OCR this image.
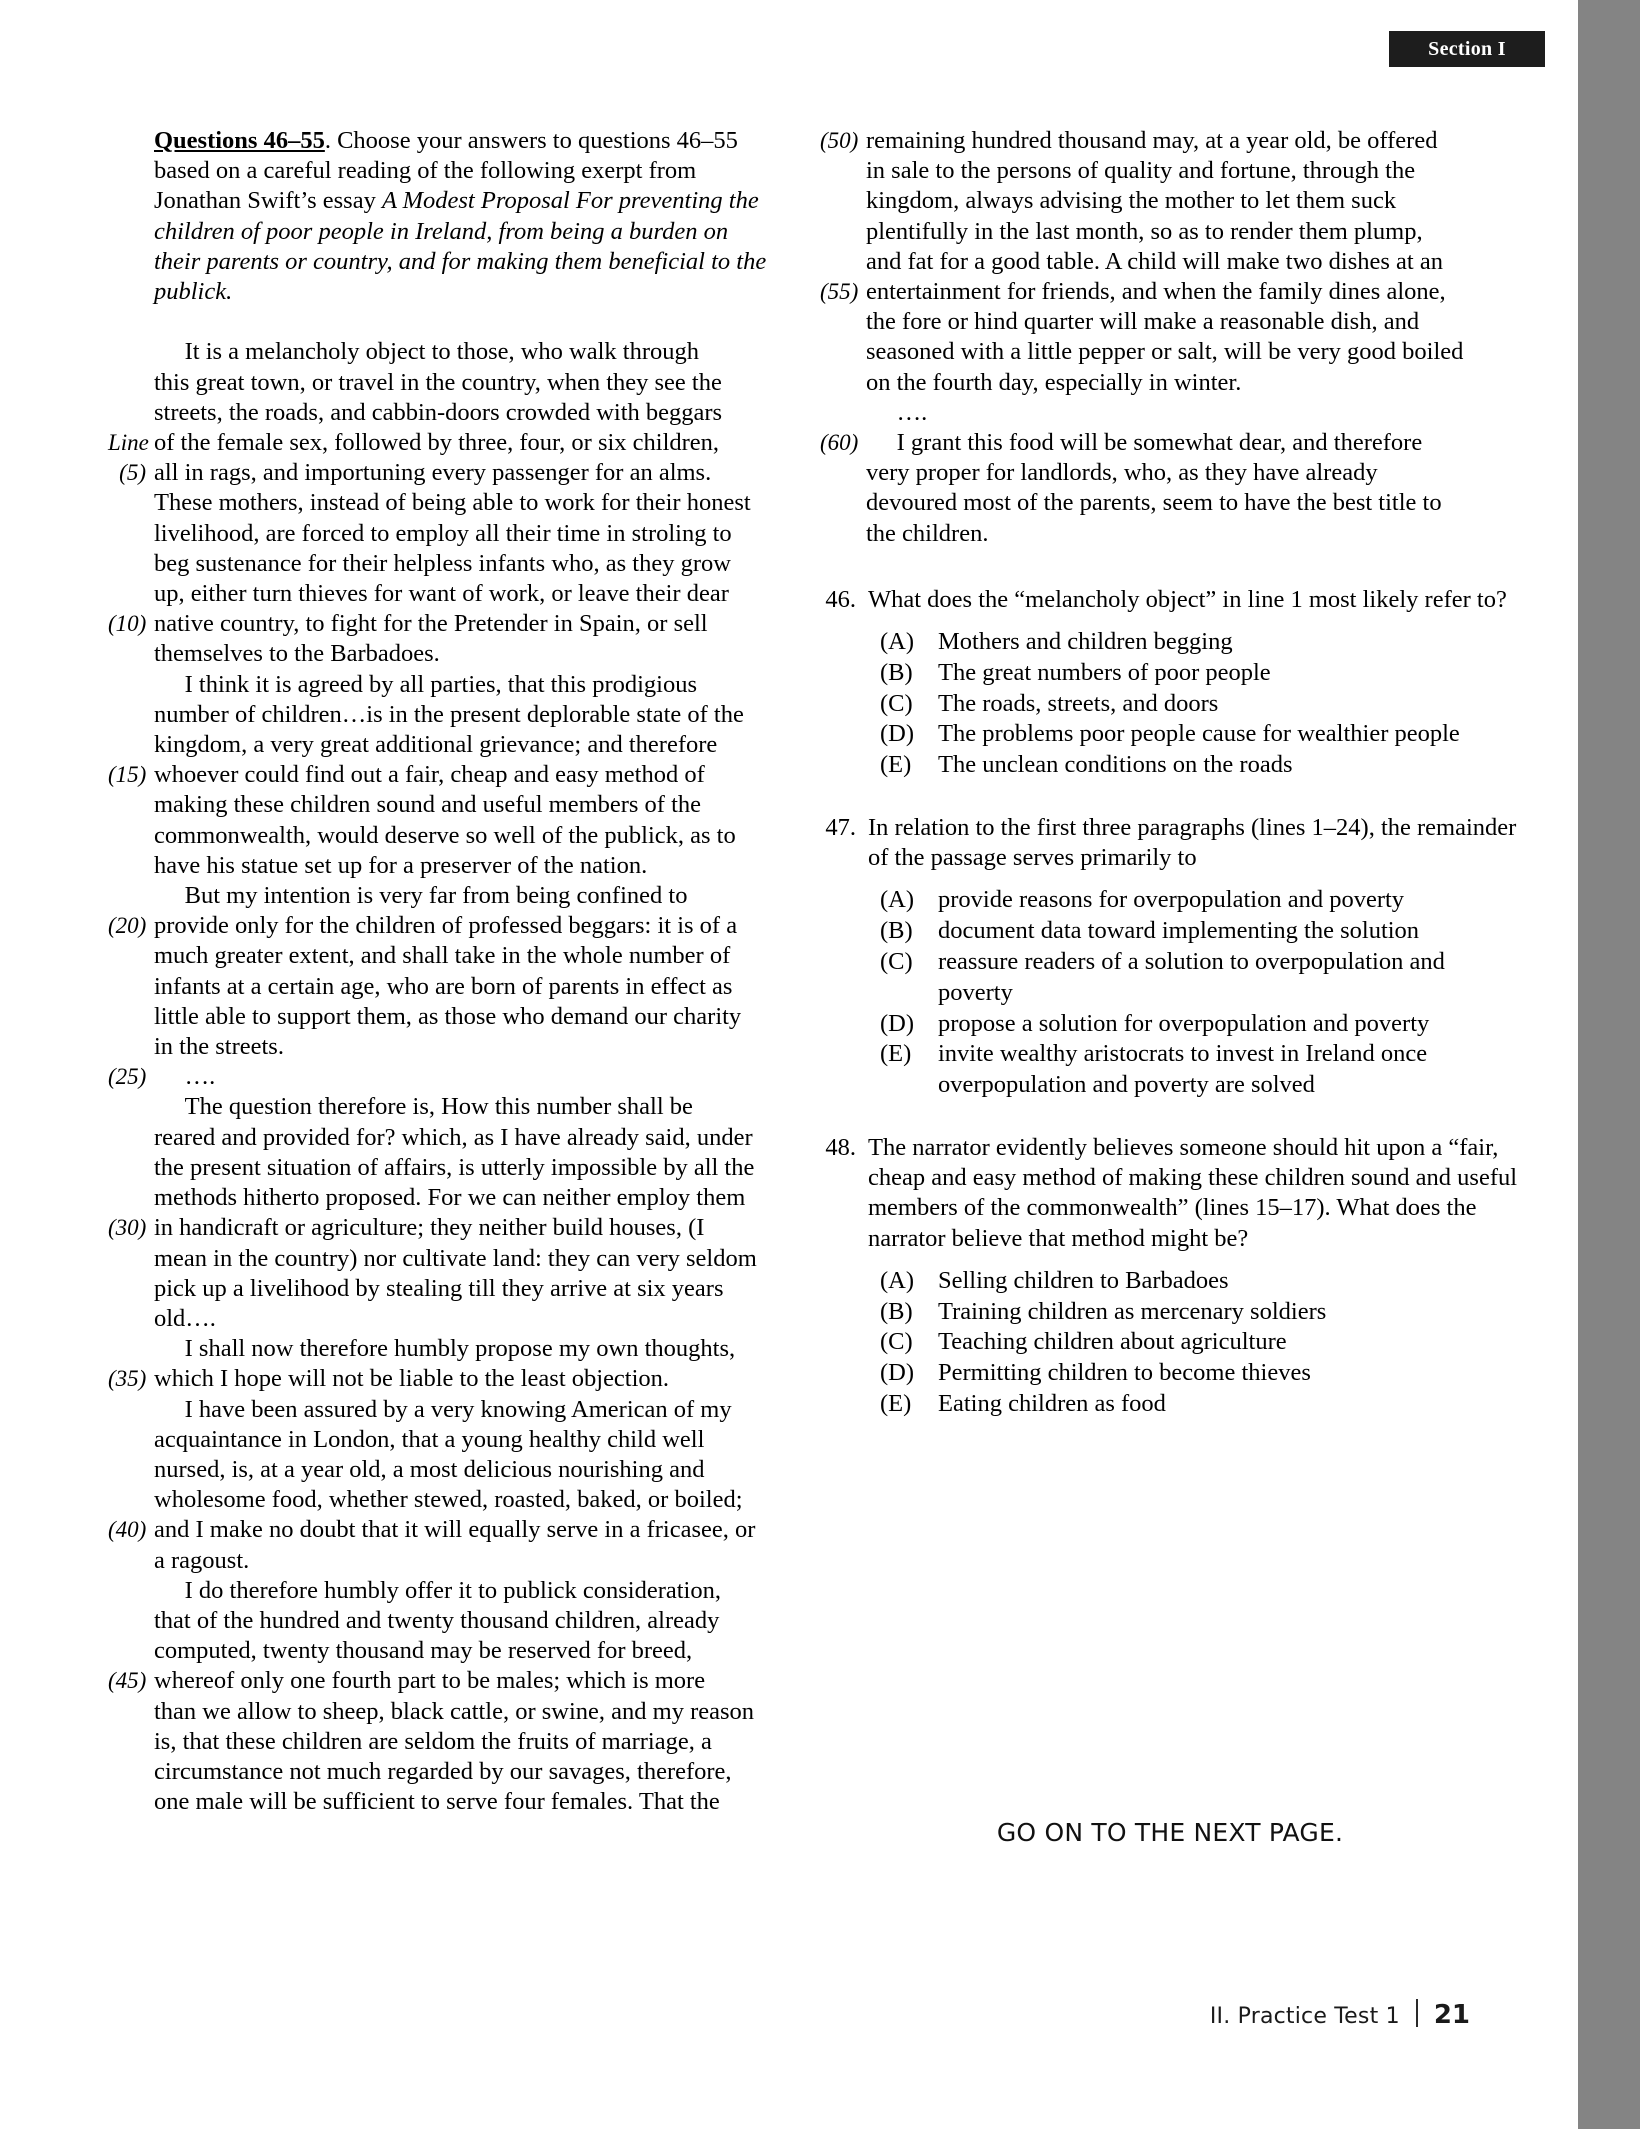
Section I

Questions 46–55. Choose your answers to questions 46–55 based on a careful reading of the following exerpt from Jonathan Swift’s essay A Modest Proposal For preventing the children of poor people in Ireland, from being a burden on their parents or country, and for making them beneficial to the publick.

It is a melancholy object to those, who walk through
this great town, or travel in the country, when they see the
streets, the roads, and cabbin-doors crowded with beggars
Line of the female sex, followed by three, four, or six children,
(5) all in rags, and importuning every passenger for an alms.
These mothers, instead of being able to work for their honest
livelihood, are forced to employ all their time in stroling to
beg sustenance for their helpless infants who, as they grow
up, either turn thieves for want of work, or leave their dear
(10) native country, to fight for the Pretender in Spain, or sell
themselves to the Barbadoes.
I think it is agreed by all parties, that this prodigious
number of children…is in the present deplorable state of the
kingdom, a very great additional grievance; and therefore
(15) whoever could find out a fair, cheap and easy method of
making these children sound and useful members of the
commonwealth, would deserve so well of the publick, as to
have his statue set up for a preserver of the nation.
But my intention is very far from being confined to
(20) provide only for the children of professed beggars: it is of a
much greater extent, and shall take in the whole number of
infants at a certain age, who are born of parents in effect as
little able to support them, as those who demand our charity
in the streets.
(25) ….
The question therefore is, How this number shall be
reared and provided for? which, as I have already said, under
the present situation of affairs, is utterly impossible by all the
methods hitherto proposed. For we can neither employ them
(30) in handicraft or agriculture; they neither build houses, (I
mean in the country) nor cultivate land: they can very seldom
pick up a livelihood by stealing till they arrive at six years
old….
I shall now therefore humbly propose my own thoughts,
(35) which I hope will not be liable to the least objection.
I have been assured by a very knowing American of my
acquaintance in London, that a young healthy child well
nursed, is, at a year old, a most delicious nourishing and
wholesome food, whether stewed, roasted, baked, or boiled;
(40) and I make no doubt that it will equally serve in a fricasee, or
a ragoust.
I do therefore humbly offer it to publick consideration,
that of the hundred and twenty thousand children, already
computed, twenty thousand may be reserved for breed,
(45) whereof only one fourth part to be males; which is more
than we allow to sheep, black cattle, or swine, and my reason
is, that these children are seldom the fruits of marriage, a
circumstance not much regarded by our savages, therefore,
one male will be sufficient to serve four females. That the
(50) remaining hundred thousand may, at a year old, be offered
in sale to the persons of quality and fortune, through the
kingdom, always advising the mother to let them suck
plentifully in the last month, so as to render them plump,
and fat for a good table. A child will make two dishes at an
(55) entertainment for friends, and when the family dines alone,
the fore or hind quarter will make a reasonable dish, and
seasoned with a little pepper or salt, will be very good boiled
on the fourth day, especially in winter.
….
(60) I grant this food will be somewhat dear, and therefore
very proper for landlords, who, as they have already
devoured most of the parents, seem to have the best title to
the children.
46. What does the “melancholy object” in line 1 most likely refer to?
(A) Mothers and children begging
(B)	The great numbers of poor people
(C)	The roads, streets, and doors
(D) The problems poor people cause for wealthier people
(E)	The unclean conditions on the roads
47. In relation to the first three paragraphs (lines 1–24), the remainder of the passage serves primarily to
(A) provide reasons for overpopulation and poverty
(B)	document data toward implementing the solution
(C)	reassure readers of a solution to overpopulation and poverty
(D) propose a solution for overpopulation and poverty
(E)	invite wealthy aristocrats to invest in Ireland once overpopulation and poverty are solved
48. The narrator evidently believes someone should hit upon a “fair, cheap and easy method of making these children sound and useful members of the commonwealth” (lines 15–17). What does the narrator believe that method might be?
(A) Selling children to Barbadoes
(B)	Training children as mercenary soldiers
(C)	Teaching children about agriculture
(D) Permitting children to become thieves
(E)	Eating children as food
GO ON TO THE NEXT PAGE.
II. Practice Test 1 21
